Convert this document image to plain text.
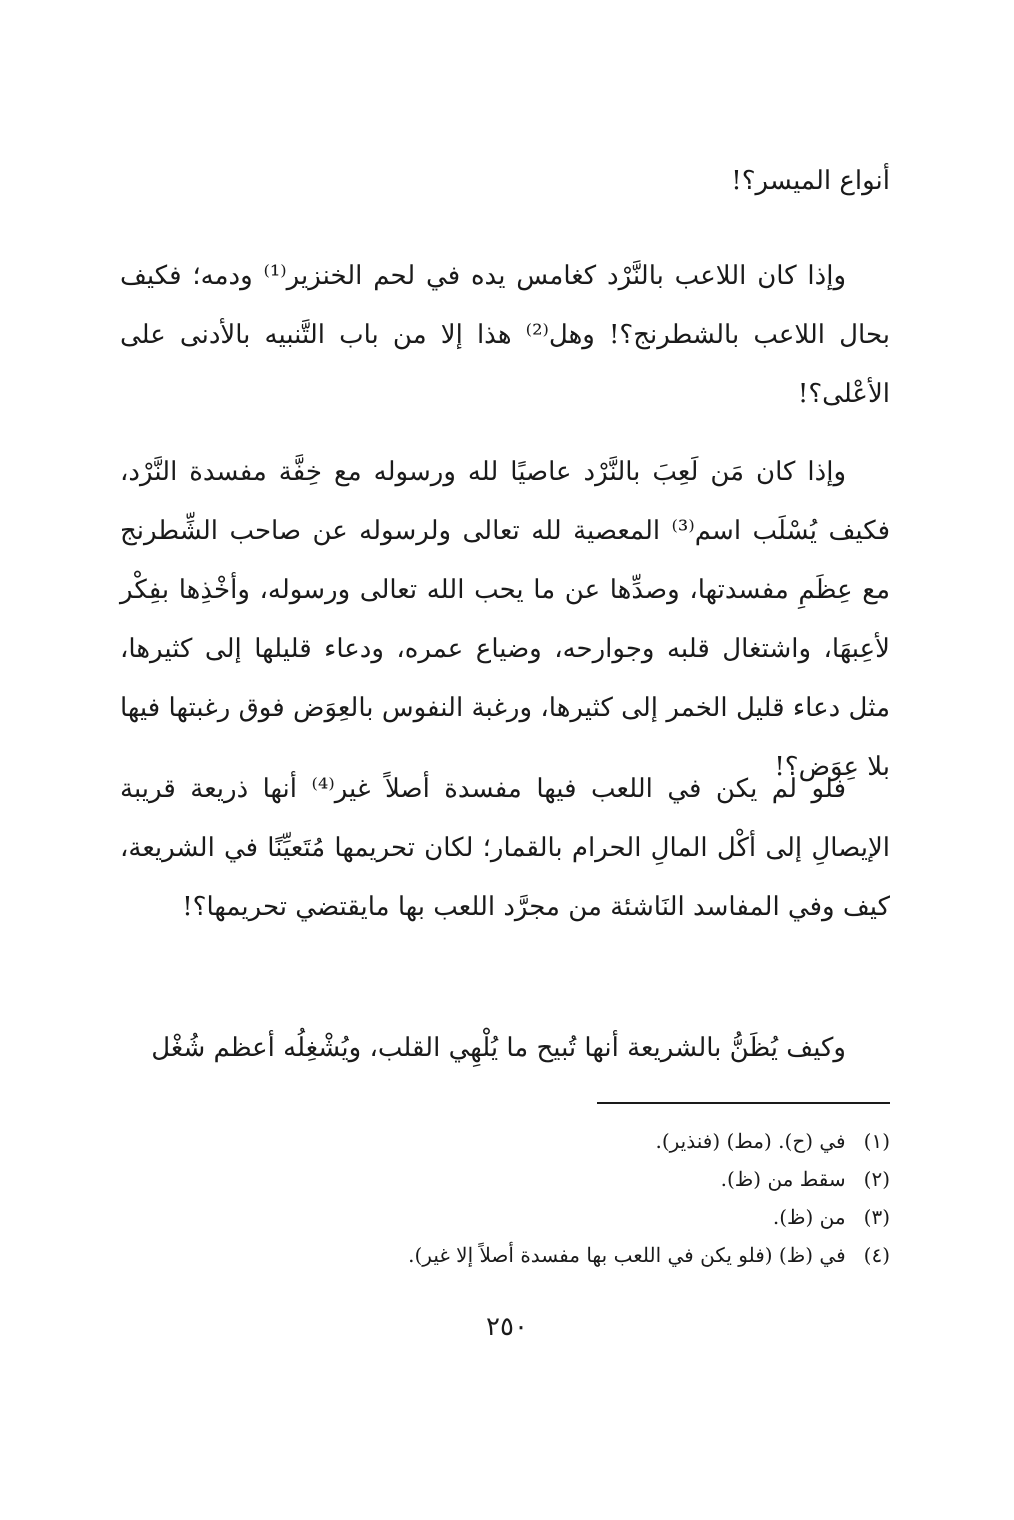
أنواع الميسر؟!

وإذا كان اللاعب بالنَّرْد كغامس يده في لحم الخنزير⁽¹⁾ ودمه؛ فكيف بحال اللاعب بالشطرنج؟! وهل⁽²⁾ هذا إلا من باب التَّنبيه بالأدنى على الأعْلى؟!

وإذا كان مَن لَعِبَ بالنَّرْد عاصيًا لله ورسوله مع خِفَّة مفسدة النَّرْد، فكيف يُسْلَب اسم⁽³⁾ المعصية لله تعالى ولرسوله عن صاحب الشِّطرنج مع عِظَمِ مفسدتها، وصدِّها عن ما يحب الله تعالى ورسوله، وأخْذِها بفِكْر لأعِبهَا، واشتغال قلبه وجوارحه، وضياع عمره، ودعاء قليلها إلى كثيرها، مثل دعاء قليل الخمر إلى كثيرها، ورغبة النفوس بالعِوَض فوق رغبتها فيها بلا عِوَض؟!

فلو لم يكن في اللعب فيها مفسدة أصلاً غير⁽⁴⁾ أنها ذريعة قريبة الإيصالِ إلى أكْل المالِ الحرام بالقمار؛ لكان تحريمها مُتَعيِّنًا في الشريعة، كيف وفي المفاسد النَاشئة من مجرَّد اللعب بها مايقتضي تحريمها؟!

وكيف يُظَنُّ بالشريعة أنها تُبيح ما يُلْهِي القلب، ويُشْغِلُه أعظم شُغْل

(١)
في (ح). (مط) (فنذير).
(٢)
سقط من (ظ).
(٣)
من (ظ).
(٤)
في (ظ) (فلو يكن في اللعب بها مفسدة أصلاً إلا غير).
٢٥٠
